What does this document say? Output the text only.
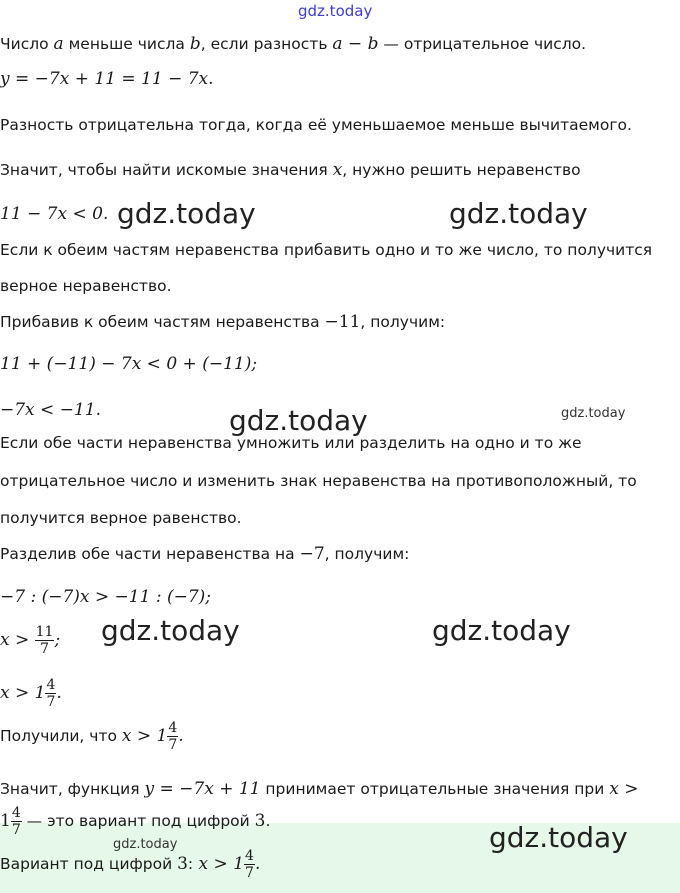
gdz.today
gdz.today	gdz.today
gdz.today	gdz.today
gdz.today	gdz.today
gdz.today
gdz.today
Число a меньше числа b, если разность a − b — отрицательное число.
y = −7x + 11 = 11 − 7x.
Разность отрицательна тогда, когда её уменьшаемое меньше вычитаемого.
Значит, чтобы найти искомые значения x, нужно решить неравенство
11 − 7x < 0.
Если к обеим частям неравенства прибавить одно и то же число, то получится
верное неравенство.
Прибавив к обеим частям неравенства −11, получим:
11 + (−11) − 7x < 0 + (−11);
−7x < −11.
Если обе части неравенства умножить или разделить на одно и то же
отрицательное число и изменить знак неравенства на противоположный, то
получится верное равенство.
Разделив обе части неравенства на −7, получим:
−7 : (−7)x > −11 : (−7);
$x > \frac{11}{7}$ ;
$x > 1 \frac{4}{7}$ .
Получили, что $x > 1 \frac{4}{7}$ .
Значит, функция y = −7x + 11 принимает отрицательные значения при x >
$1 \frac{4}{7}$ — это вариант под цифрой 3.
Вариант под цифрой 3: $x > 1 \frac{4}{7}$ .
